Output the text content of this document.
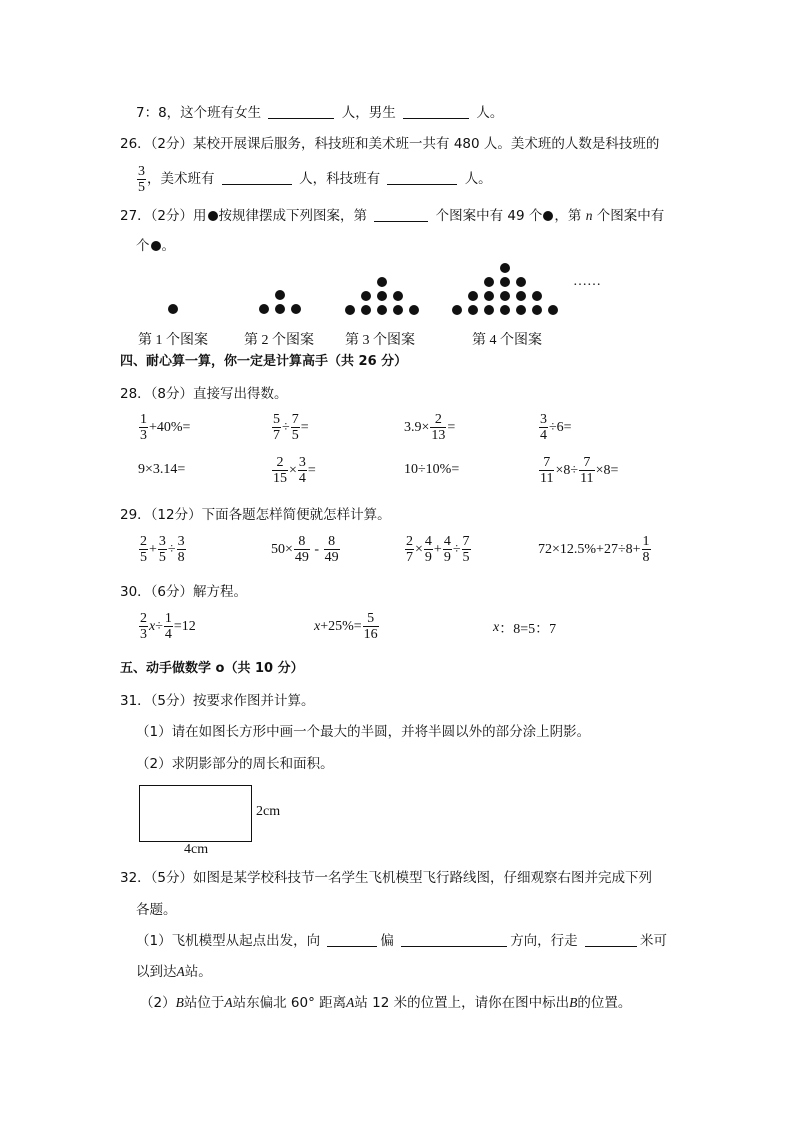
7：8，这个班有女生	人，男生	人。
26．（2分）某校开展课后服务，科技班和美术班一共有 480 人。美术班的人数是科技班的
$\frac{3}{5}$ ，美术班有	人，科技班有	人。
27．（2分）用 按规律摆成下列图案，第	个图案中有 49 个 ，第 n 个图案中有
个 。
……
第 1 个图案	第 2 个图案 第 3 个图案	第 4 个图案
四、耐心算一算，你一定是计算高手（共 26 分）
28．（8分）直接写出得数。
$\frac{1}{3} +40\%=$	$\frac{5}{7} \div \frac{7}{5}$ =	$3.9\times \frac{2}{13}$ =	$\frac{3}{4} \div 6=$
9×3.14=	$\frac{2}{15} \times \frac{3}{4}$ =	10÷10%=	$\frac{7}{11} \times 8\div \frac{7}{11} \times 8=$
29．（12分）下面各题怎样简便就怎样计算。
$\frac{2}{5} + \frac{3}{5} \div \frac{3}{8}$	$50\times \frac{8}{49} - \frac{8}{49}$	$\frac{2}{7} \times \frac{4}{9} + \frac{4}{9} \div \frac{7}{5}$	$72\times 12.5\%+27\div 8+ \frac{1}{8}$
30．（6分）解方程。
$\frac{2}{3}$ $x \div \frac{1}{4} =12$	$x +25\%= \frac{5}{16}$	x ：8=5：7
五、动手做数学 o（共 10 分）
31．（5分）按要求作图并计算。
（1）请在如图长方形中画一个最大的半圆，并将半圆以外的部分涂上阴影。
（2）求阴影部分的周长和面积。
2cm
4cm
32．（5分）如图是某学校科技节一名学生飞机模型飞行路线图，仔细观察右图并完成下列
各题。
（1）飞机模型从起点出发，向	偏	方向，行走	米可
以到达A站。
（2）B站位于A站东偏北 60° 距离A站 12 米的位置上，请你在图中标出B的位置。
